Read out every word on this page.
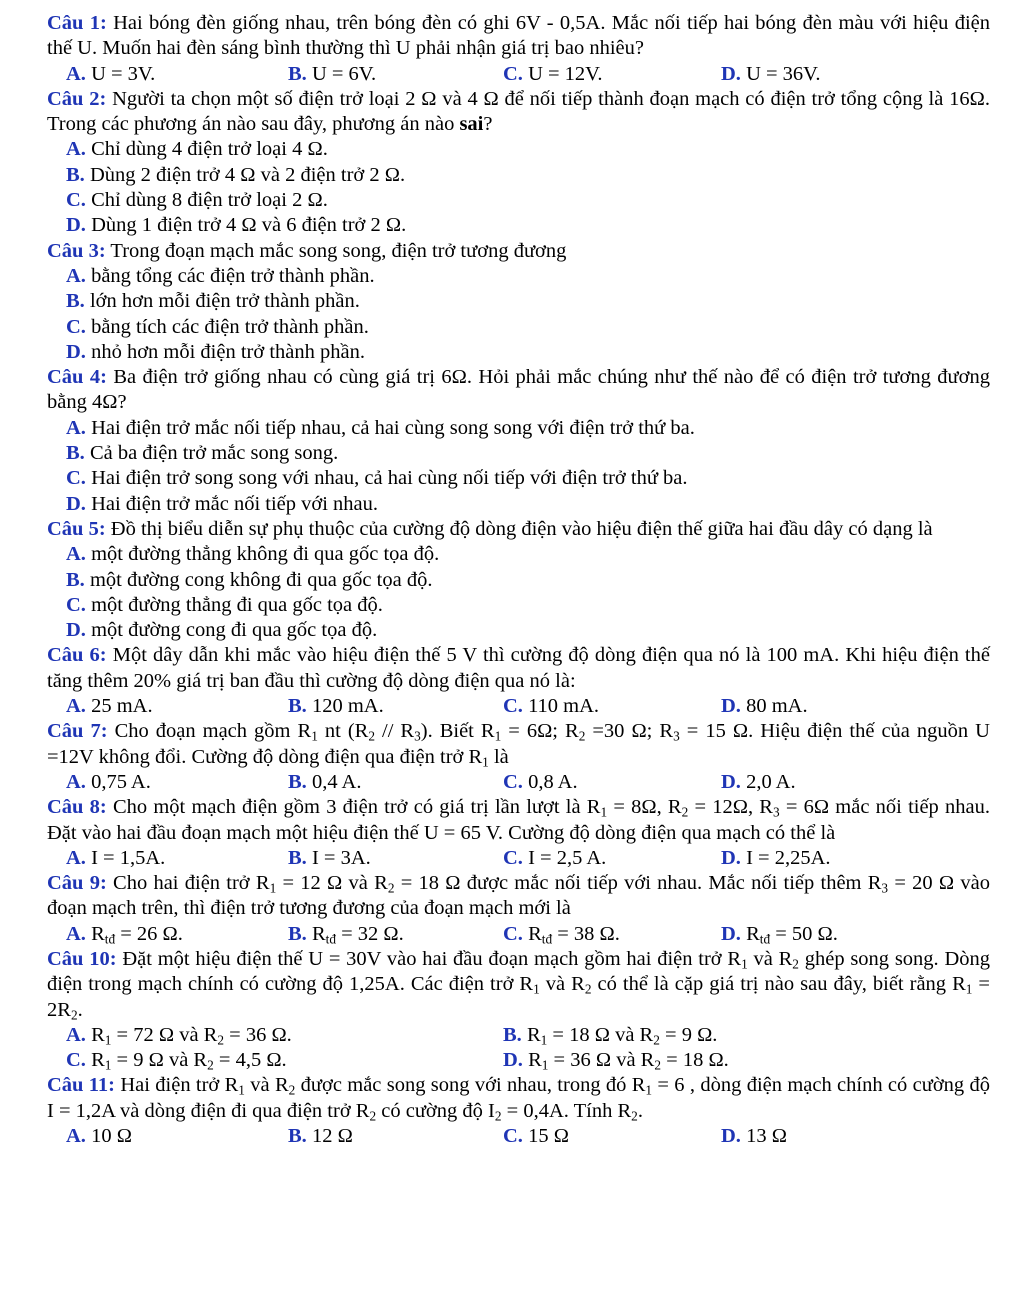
Câu 1: Hai bóng đèn giống nhau, trên bóng đèn có ghi 6V - 0,5A. Mắc nối tiếp hai bóng đèn màu với hiệu điện thế U. Muốn hai đèn sáng bình thường thì U phải nhận giá trị bao nhiêu?
A. U = 3V.	B. U = 6V.	C. U = 12V.	D. U = 36V.
Câu 2: Người ta chọn một số điện trở loại 2 Ω và 4 Ω để nối tiếp thành đoạn mạch có điện trở tổng cộng là 16Ω. Trong các phương án nào sau đây, phương án nào sai?
A. Chỉ dùng 4 điện trở loại 4 Ω.
B. Dùng 2 điện trở 4 Ω và 2 điện trở 2 Ω.
C. Chỉ dùng 8 điện trở loại 2 Ω.
D. Dùng 1 điện trở 4 Ω và 6 điện trở 2 Ω.
Câu 3: Trong đoạn mạch mắc song song, điện trở tương đương
A. bằng tổng các điện trở thành phần.
B. lớn hơn mỗi điện trở thành phần.
C. bằng tích các điện trở thành phần.
D. nhỏ hơn mỗi điện trở thành phần.
Câu 4: Ba điện trở giống nhau có cùng giá trị 6Ω. Hỏi phải mắc chúng như thế nào để có điện trở tương đương bằng 4Ω?
A. Hai điện trở mắc nối tiếp nhau, cả hai cùng song song với điện trở thứ ba.
B. Cả ba điện trở mắc song song.
C. Hai điện trở song song với nhau, cả hai cùng nối tiếp với điện trở thứ ba.
D. Hai điện trở mắc nối tiếp với nhau.
Câu 5: Đồ thị biểu diễn sự phụ thuộc của cường độ dòng điện vào hiệu điện thế giữa hai đầu dây có dạng là
A. một đường thẳng không đi qua gốc tọa độ.
B. một đường cong không đi qua gốc tọa độ.
C. một đường thẳng đi qua gốc tọa độ.
D. một đường cong đi qua gốc tọa độ.
Câu 6: Một dây dẫn khi mắc vào hiệu điện thế 5 V thì cường độ dòng điện qua nó là 100 mA. Khi hiệu điện thế tăng thêm 20% giá trị ban đầu thì cường độ dòng điện qua nó là:
A. 25 mA.	B. 120 mA.	C. 110 mA.	D. 80 mA.
Câu 7: Cho đoạn mạch gồm $R_1$ nt $(R_2 // R_3)$. Biết $R_1 = 6\Omega$; $R_2 =30$ Ω; $R_3 = 15$ Ω. Hiệu điện thế của nguồn U =12V không đổi. Cường độ dòng điện qua điện trở $R_1$ là
A. 0,75 A.	B. 0,4 A.	C. 0,8 A.	D. 2,0 A.
Câu 8: Cho một mạch điện gồm 3 điện trở có giá trị lần lượt là $R_1 = 8\Omega$, $R_2 = 12\Omega$, $R_3 = 6\Omega$ mắc nối tiếp nhau. Đặt vào hai đầu đoạn mạch một hiệu điện thế U = 65 V. Cường độ dòng điện qua mạch có thể là
A. I = 1,5A.	B. I = 3A.	C. I = 2,5 A.	D. I = 2,25A.
Câu 9: Cho hai điện trở $R_1 = 12$ Ω và $R_2 = 18$ Ω được mắc nối tiếp với nhau. Mắc nối tiếp thêm $R_3 = 20$ Ω vào đoạn mạch trên, thì điện trở tương đương của đoạn mạch mới là
A. $R_{tđ} = 26$ Ω.	B. $R_{tđ} = 32$ Ω.	C. $R_{tđ} = 38$ Ω.	D. $R_{tđ} = 50$ Ω.
Câu 10: Đặt một hiệu điện thế U = 30V vào hai đầu đoạn mạch gồm hai điện trở $R_1$ và $R_2$ ghép song song. Dòng điện trong mạch chính có cường độ 1,25A. Các điện trở $R_1$ và $R_2$ có thể là cặp giá trị nào sau đây, biết rằng $R_1 = 2R_2$.
A. $R_1 = 72$ Ω và $R_2 = 36$ Ω.	B. $R_1 = 18$ Ω và $R_2 = 9$ Ω.
C. $R_1 = 9$ Ω và $R_2 = 4,5$ Ω.	D. $R_1 = 36$ Ω và $R_2 = 18$ Ω.
Câu 11: Hai điện trở $R_1$ và $R_2$ được mắc song song với nhau, trong đó $R_1 = 6$ , dòng điện mạch chính có cường độ I = 1,2A và dòng điện đi qua điện trở $R_2$ có cường độ $I_2 = 0,4A$. Tính $R_2$.
A. 10 Ω	B. 12 Ω	C. 15 Ω	D. 13 Ω
